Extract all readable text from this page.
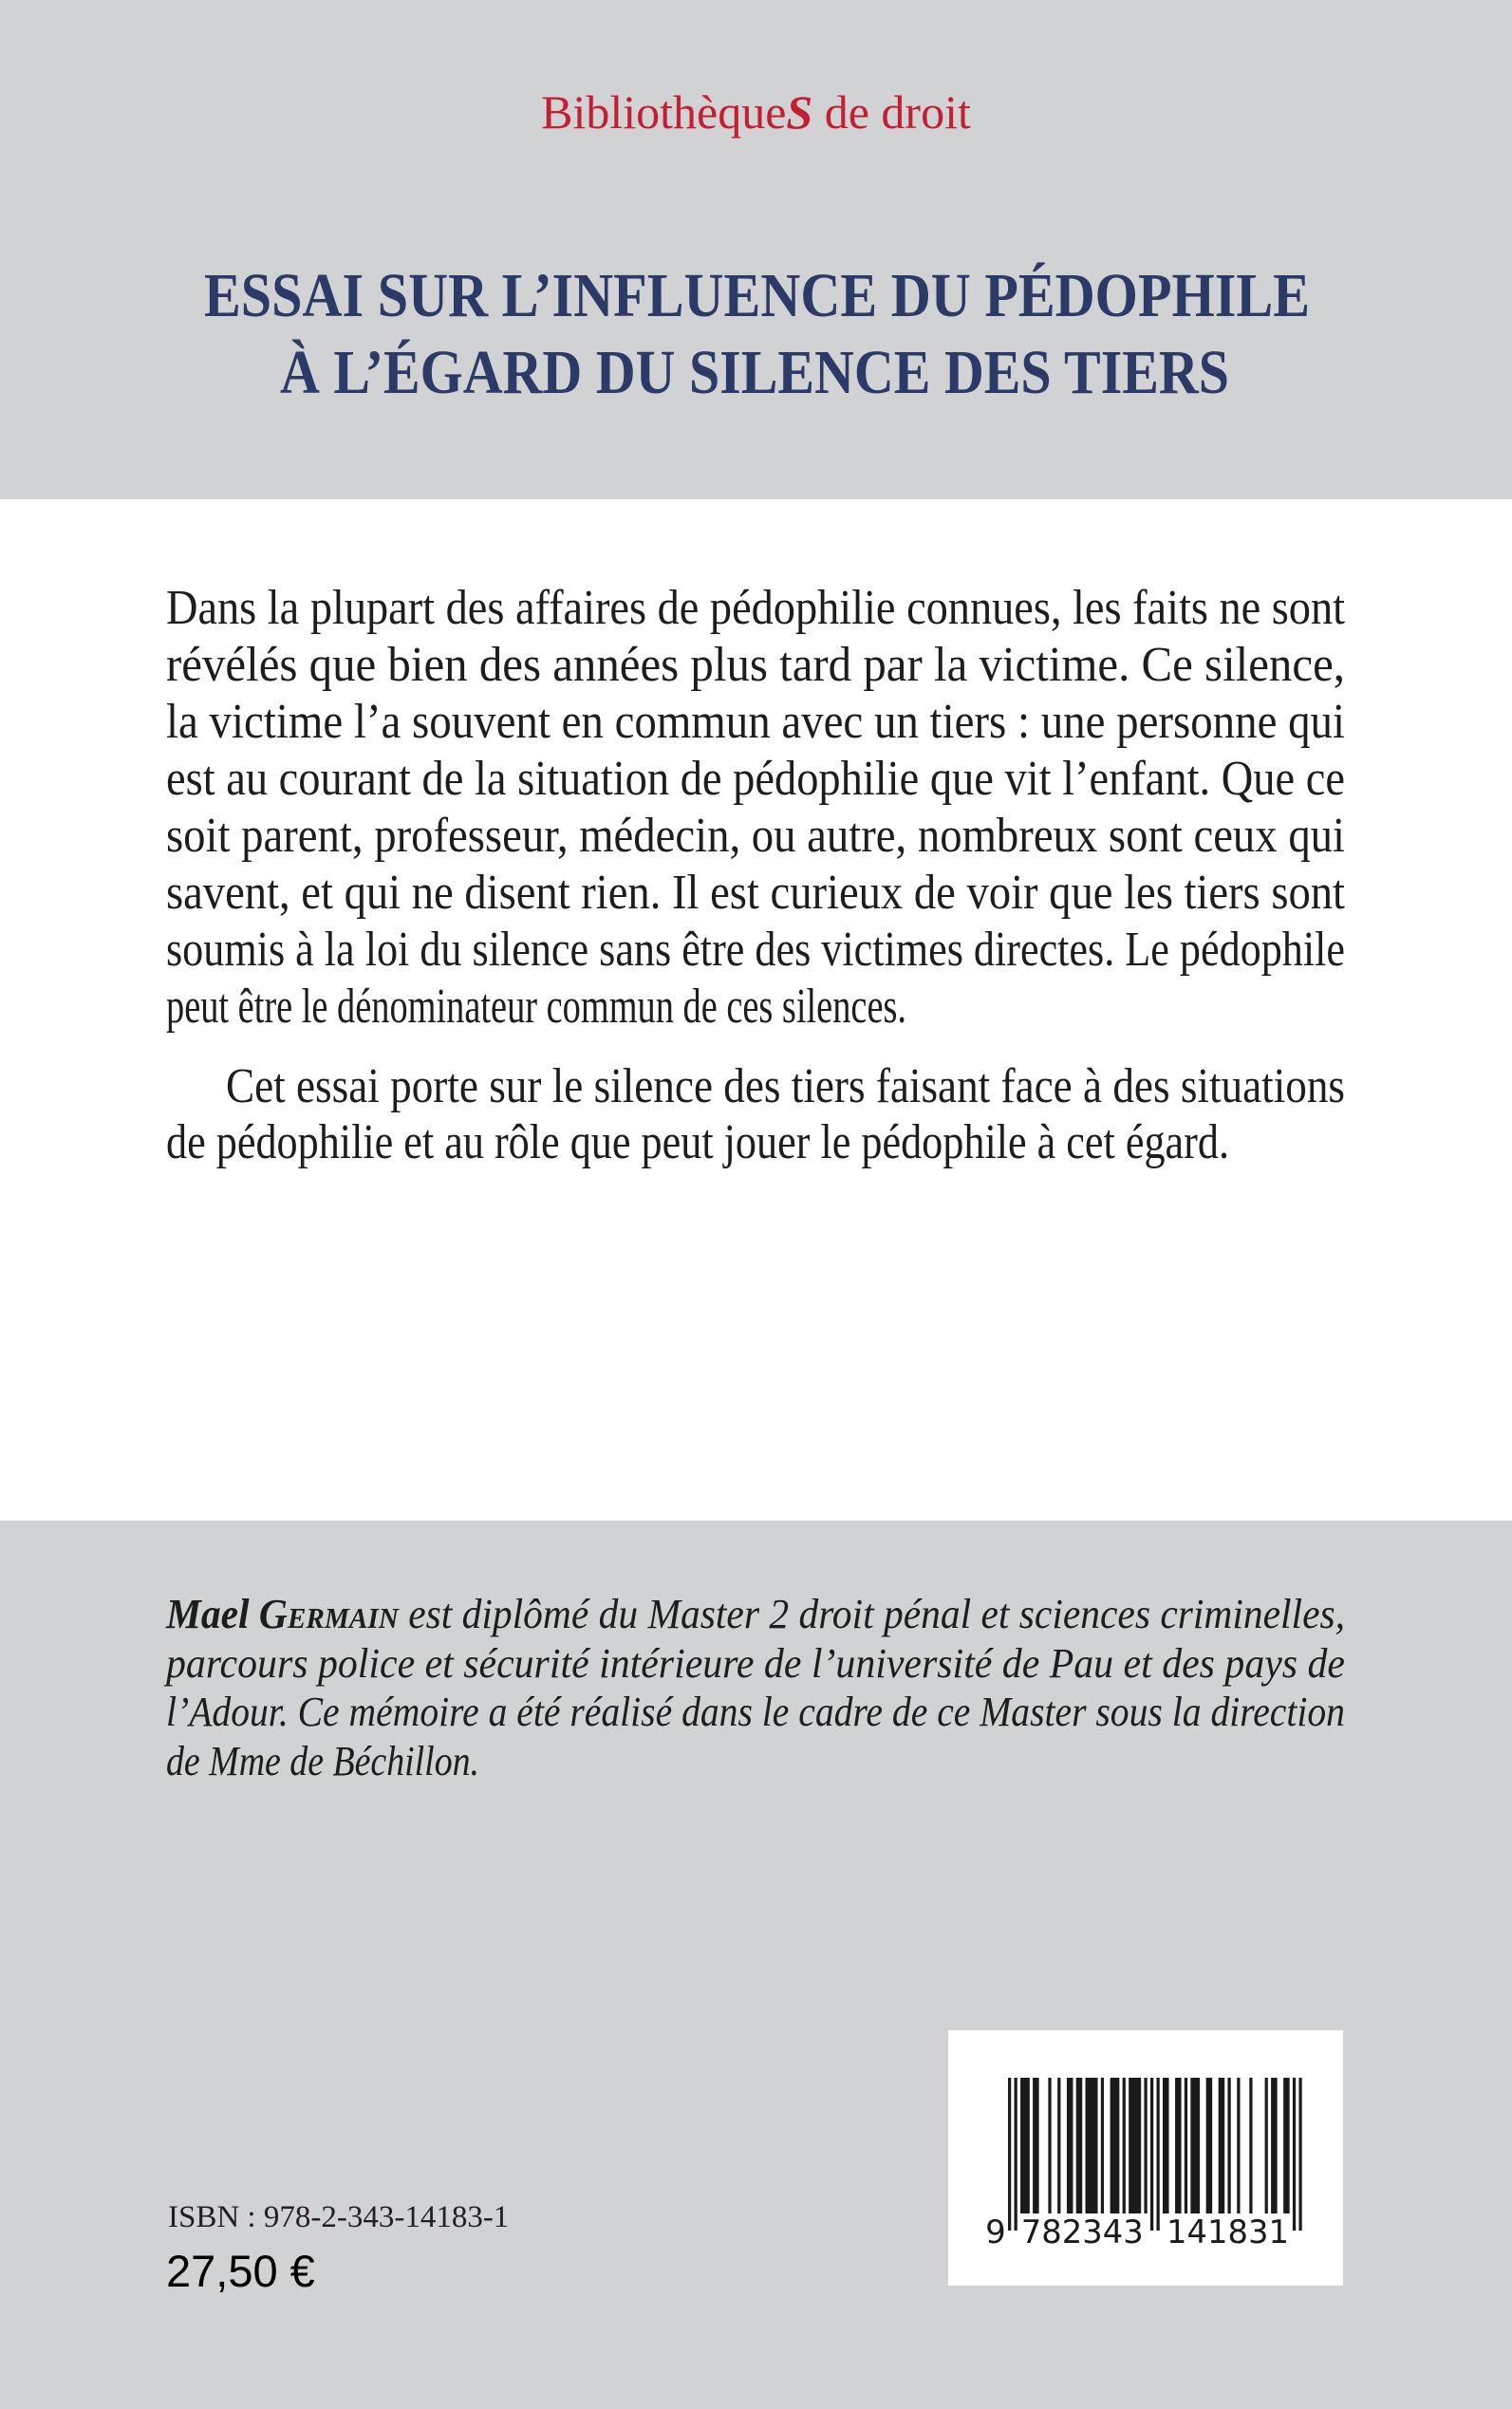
BibliothèqueS de droit
ESSAI SUR L’INFLUENCE DU PÉDOPHILE
À L’ÉGARD DU SILENCE DES TIERS
Dans la plupart des affaires de pédophilie connues, les faits ne sont
révélés que bien des années plus tard par la victime. Ce silence,
la victime l’a souvent en commun avec un tiers : une personne qui
est au courant de la situation de pédophilie que vit l’enfant. Que ce
soit parent, professeur, médecin, ou autre, nombreux sont ceux qui
savent, et qui ne disent rien. Il est curieux de voir que les tiers sont
soumis à la loi du silence sans être des victimes directes. Le pédophile
peut être le dénominateur commun de ces silences.
Cet essai porte sur le silence des tiers faisant face à des situations
de pédophilie et au rôle que peut jouer le pédophile à cet égard.
Mael Germain est diplômé du Master 2 droit pénal et sciences criminelles,
parcours police et sécurité intérieure de l’université de Pau et des pays de
l’Adour. Ce mémoire a été réalisé dans le cadre de ce Master sous la direction
de Mme de Béchillon.
ISBN : 978-2-343-14183-1
27,50 €
9 782343 141831
